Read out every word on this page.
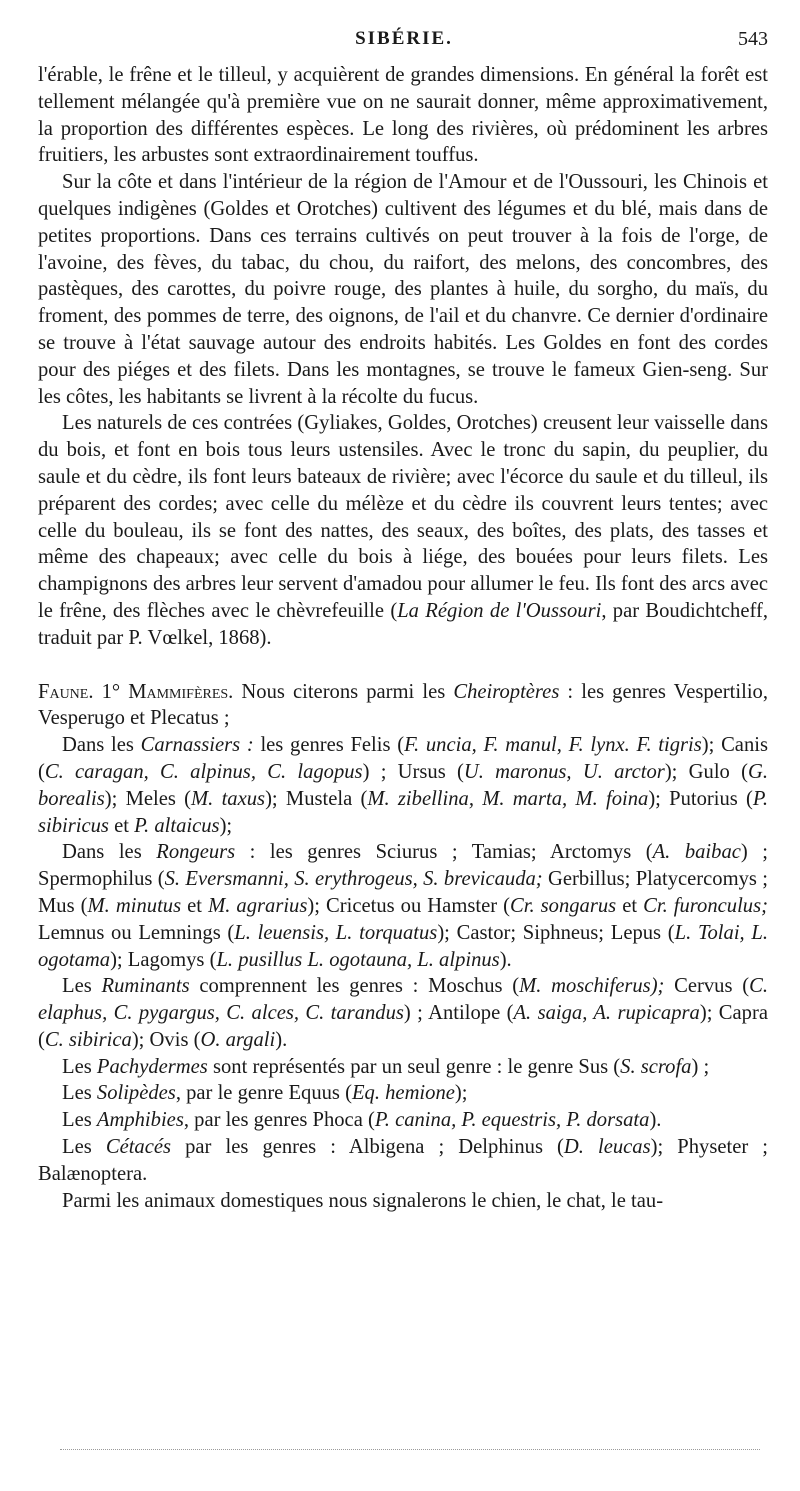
SIBÉRIE.	543

l'érable, le frêne et le tilleul, y acquièrent de grandes dimensions. En général la forêt est tellement mélangée qu'à première vue on ne saurait donner, même approximativement, la proportion des différentes espèces. Le long des rivières, où prédominent les arbres fruitiers, les arbustes sont extraordinairement touffus.

Sur la côte et dans l'intérieur de la région de l'Amour et de l'Oussouri, les Chinois et quelques indigènes (Goldes et Orotches) cultivent des légumes et du blé, mais dans de petites proportions. Dans ces terrains cultivés on peut trouver à la fois de l'orge, de l'avoine, des fèves, du tabac, du chou, du raifort, des melons, des concombres, des pastèques, des carottes, du poivre rouge, des plantes à huile, du sorgho, du maïs, du froment, des pommes de terre, des oignons, de l'ail et du chanvre. Ce dernier d'ordinaire se trouve à l'état sauvage autour des endroits habités. Les Goldes en font des cordes pour des piéges et des filets. Dans les montagnes, se trouve le fameux Gien-seng. Sur les côtes, les habitants se livrent à la récolte du fucus.

Les naturels de ces contrées (Gyliakes, Goldes, Orotches) creusent leur vaisselle dans du bois, et font en bois tous leurs ustensiles. Avec le tronc du sapin, du peuplier, du saule et du cèdre, ils font leurs bateaux de rivière; avec l'écorce du saule et du tilleul, ils préparent des cordes; avec celle du mélèze et du cèdre ils couvrent leurs tentes; avec celle du bouleau, ils se font des nattes, des seaux, des boîtes, des plats, des tasses et même des chapeaux; avec celle du bois à liége, des bouées pour leurs filets. Les champignons des arbres leur servent d'amadou pour allumer le feu. Ils font des arcs avec le frêne, des flèches avec le chèvrefeuille (La Région de l'Oussouri, par Boudichtcheff, traduit par P. Vœlkel, 1868).

Faune. 1° Mammifères. Nous citerons parmi les Cheiroptères : les genres Vespertilio, Vesperugo et Plecatus ;

Dans les Carnassiers : les genres Felis (F. uncia, F. manul, F. lynx. F. tigris); Canis (C. caragan, C. alpinus, C. lagopus) ; Ursus (U. maronus, U. arctor); Gulo (G. borealis); Meles (M. taxus); Mustela (M. zibellina, M. marta, M. foina); Putorius (P. sibiricus et P. altaicus);

Dans les Rongeurs : les genres Sciurus ; Tamias; Arctomys (A. baibac) ; Spermophilus (S. Eversmanni, S. erythrogeus, S. brevicauda; Gerbillus; Platycercomys ; Mus (M. minutus et M. agrarius); Cricetus ou Hamster (Cr. songarus et Cr. furonculus; Lemnus ou Lemnings (L. leuensis, L. torquatus); Castor; Siphneus; Lepus (L. Tolai, L. ogotama); Lagomys (L. pusillus L. ogotauna, L. alpinus).

Les Ruminants comprennent les genres : Moschus (M. moschiferus); Cervus (C. elaphus, C. pygargus, C. alces, C. tarandus) ; Antilope (A. saiga, A. rupicapra); Capra (C. sibirica); Ovis (O. argali).

Les Pachydermes sont représentés par un seul genre : le genre Sus (S. scrofa) ;

Les Solipèdes, par le genre Equus (Eq. hemione);

Les Amphibies, par les genres Phoca (P. canina, P. equestris, P. dorsata).

Les Cétacés par les genres : Albigena ; Delphinus (D. leucas); Physeter ; Balænoptera.

Parmi les animaux domestiques nous signalerons le chien, le chat, le tau-
